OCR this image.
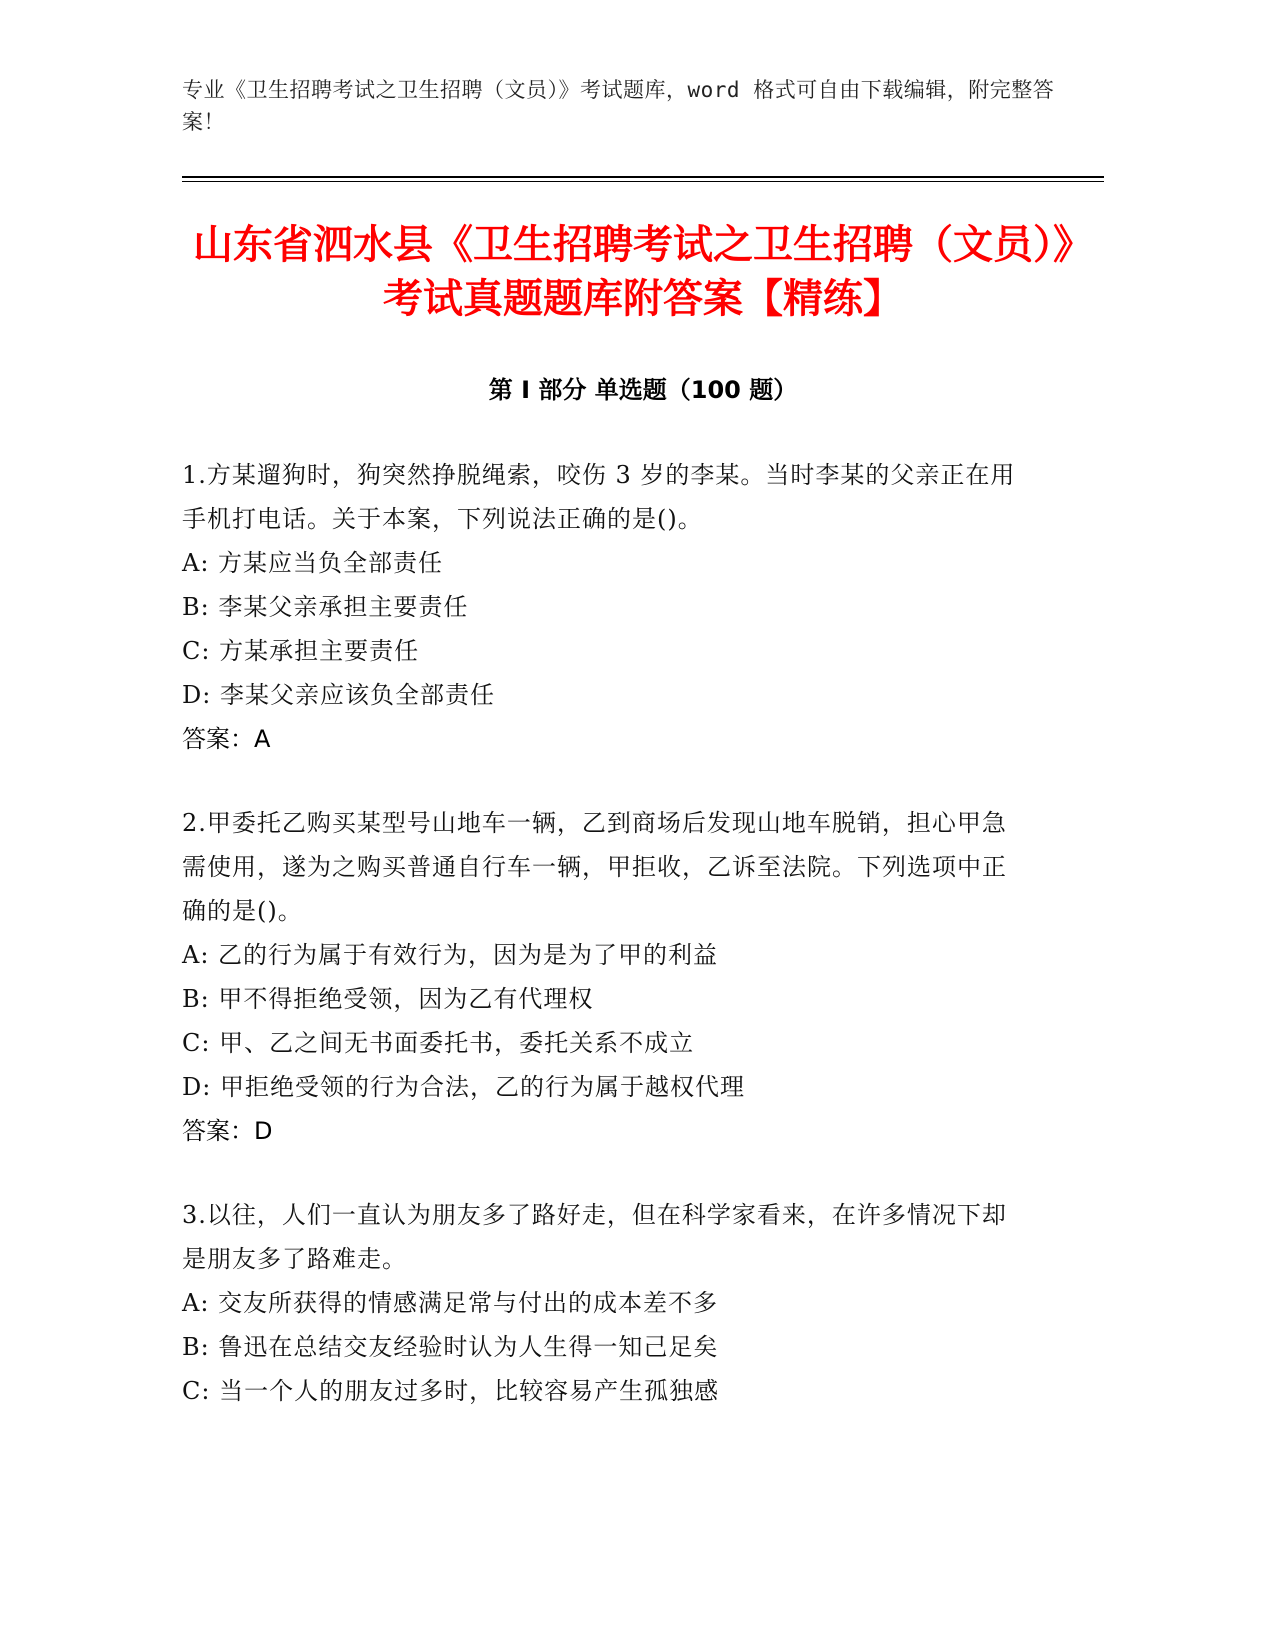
专业《卫生招聘考试之卫生招聘（文员）》考试题库，word 格式可自由下载编辑，附完整答案！
山东省泗水县《卫生招聘考试之卫生招聘（文员）》考试真题题库附答案【精练】
第 I 部分 单选题（100 题）
1.方某遛狗时，狗突然挣脱绳索，咬伤 3 岁的李某。当时李某的父亲正在用手机打电话。关于本案，下列说法正确的是()。
A: 方某应当负全部责任
B: 李某父亲承担主要责任
C: 方某承担主要责任
D: 李某父亲应该负全部责任
答案：A
2.甲委托乙购买某型号山地车一辆，乙到商场后发现山地车脱销，担心甲急需使用，遂为之购买普通自行车一辆，甲拒收，乙诉至法院。下列选项中正确的是()。
A: 乙的行为属于有效行为，因为是为了甲的利益
B: 甲不得拒绝受领，因为乙有代理权
C: 甲、乙之间无书面委托书，委托关系不成立
D: 甲拒绝受领的行为合法，乙的行为属于越权代理
答案：D
3.以往，人们一直认为朋友多了路好走，但在科学家看来，在许多情况下却是朋友多了路难走。
A: 交友所获得的情感满足常与付出的成本差不多
B: 鲁迅在总结交友经验时认为人生得一知己足矣
C: 当一个人的朋友过多时，比较容易产生孤独感
